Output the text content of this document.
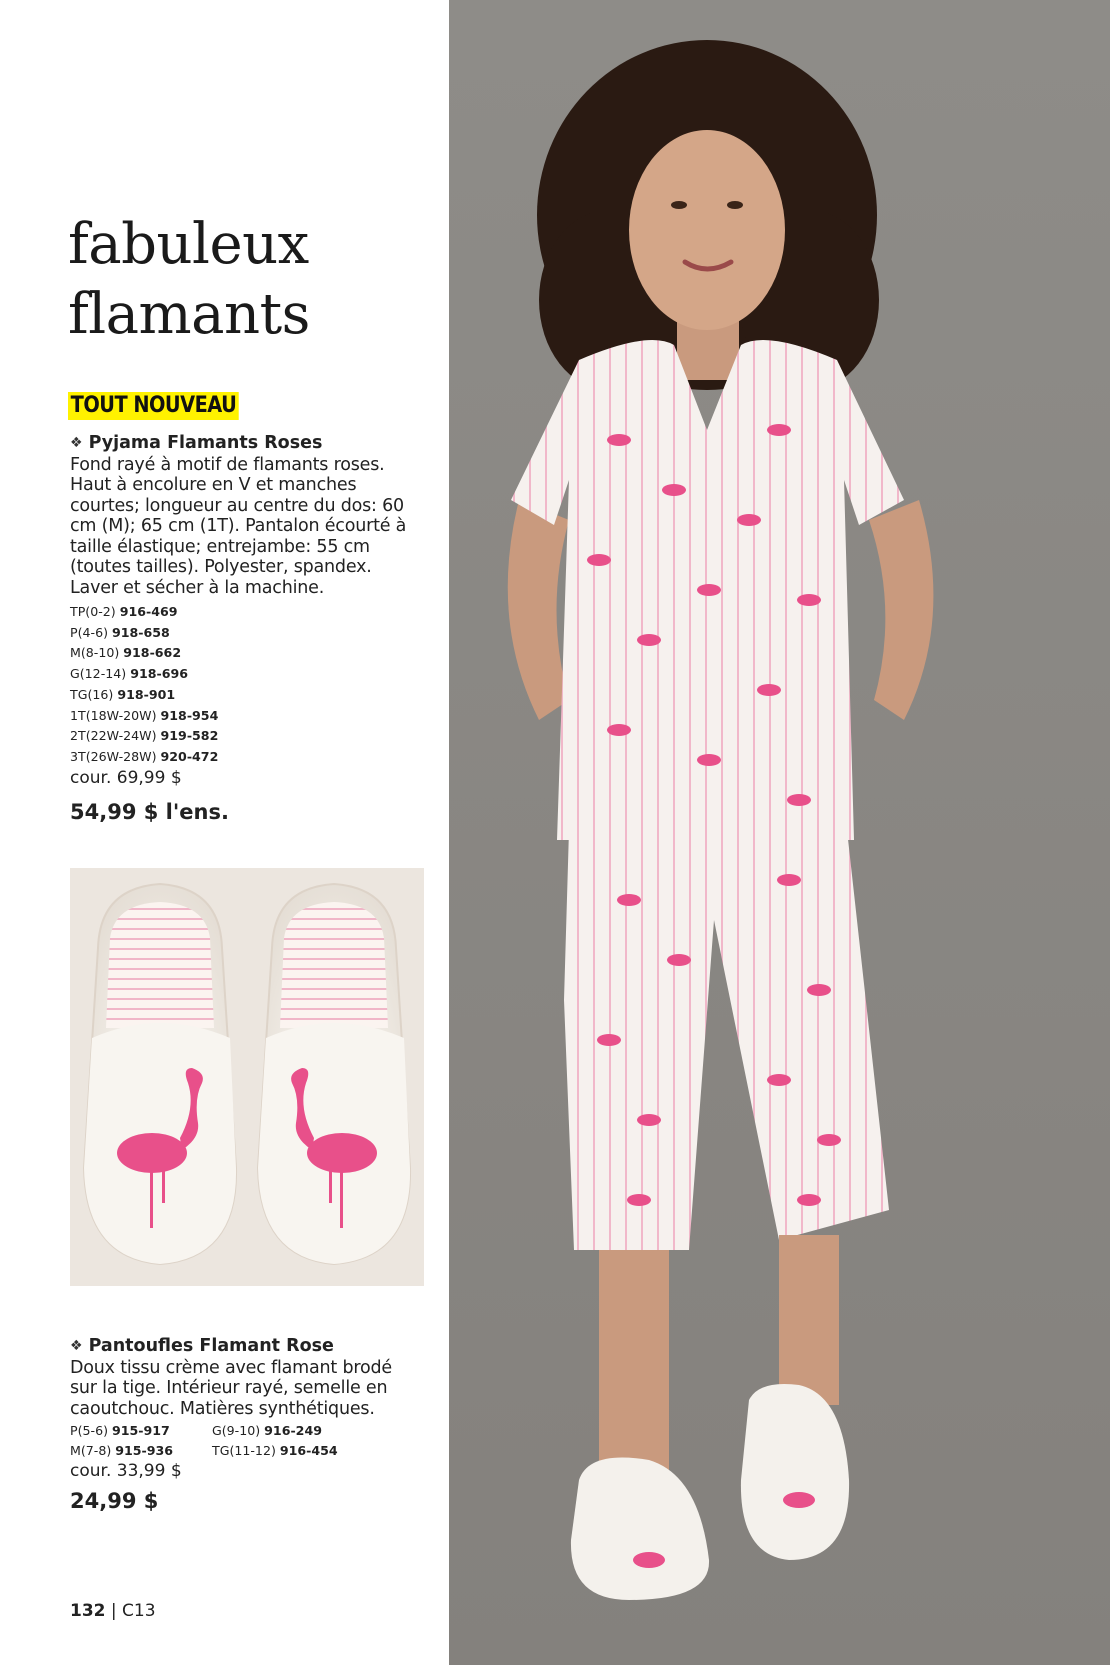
fabuleux
flamants
TOUT NOUVEAU
❖ Pyjama Flamants Roses
Fond rayé à motif de flamants roses. Haut à encolure en V et manches courtes; longueur au centre du dos: 60 cm (M); 65 cm (1T). Pantalon écourté à taille élastique; entrejambe: 55 cm (toutes tailles). Polyester, spandex. Laver et sécher à la machine.
TP(0-2) 916-469
P(4-6) 918-658
M(8-10) 918-662
G(12-14) 918-696
TG(16) 918-901
1T(18W-20W) 918-954
2T(22W-24W) 919-582
3T(26W-28W) 920-472
cour. 69,99 $
54,99 $ l'ens.
❖ Pantoufles Flamant Rose
Doux tissu crème avec flamant brodé sur la tige. Intérieur rayé, semelle en caoutchouc. Matières synthétiques.
P(5-6) 915-917	G(9-10) 916-249
M(7-8) 915-936	TG(11-12) 916-454
cour. 33,99 $
24,99 $
132 | C13
